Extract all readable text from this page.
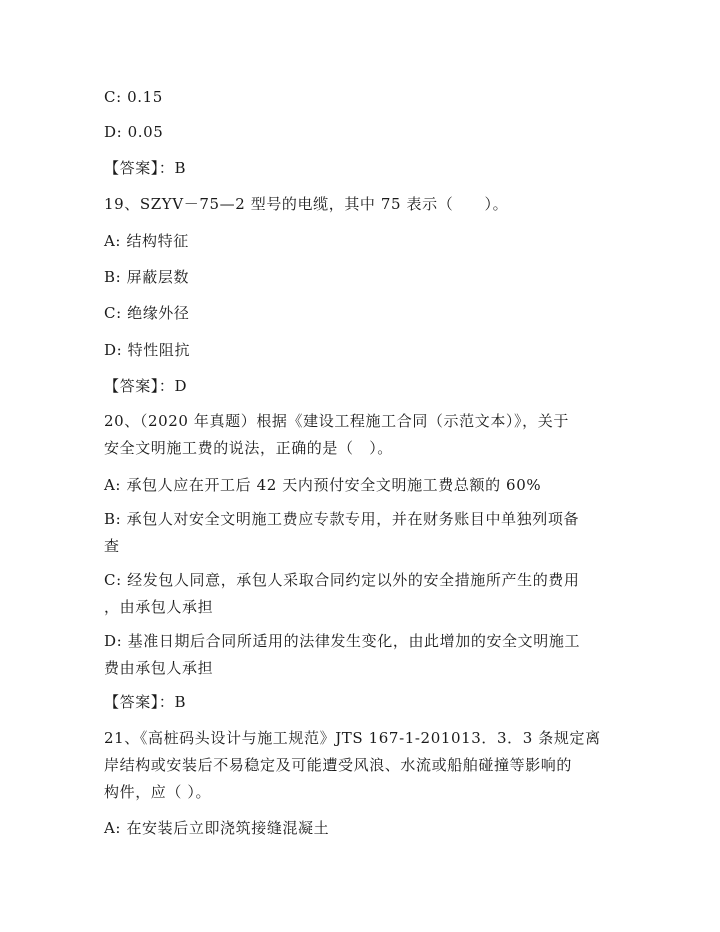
C: 0.15
D: 0.05
【答案】：B
19、SZYV－75—2 型号的电缆，其中 75 表示（　　）。
A: 结构特征
B: 屏蔽层数
C: 绝缘外径
D: 特性阻抗
【答案】：D
20、（2020 年真题）根据《建设工程施工合同（示范文本）》，关于
安全文明施工费的说法，正确的是（　）。
A: 承包人应在开工后 42 天内预付安全文明施工费总额的 60%
B: 承包人对安全文明施工费应专款专用，并在财务账目中单独列项备
查
C: 经发包人同意，承包人采取合同约定以外的安全措施所产生的费用
，由承包人承担
D: 基准日期后合同所适用的法律发生变化，由此增加的安全文明施工
费由承包人承担
【答案】：B
21、《高桩码头设计与施工规范》JTS 167-1-201013．3．3 条规定离
岸结构或安装后不易稳定及可能遭受风浪、水流或船舶碰撞等影响的
构件，应（ ）。
A: 在安装后立即浇筑接缝混凝土
